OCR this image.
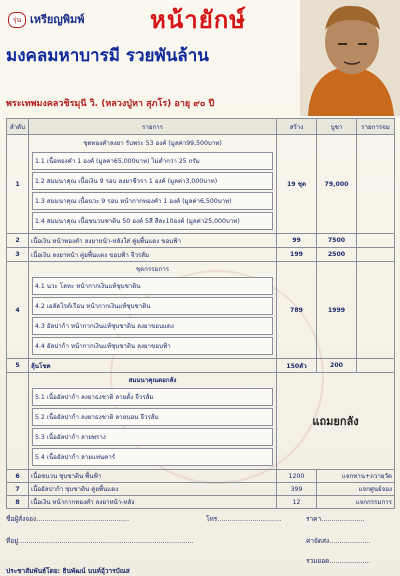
รุ่น เหรียญพิมพ์	หน้ายักษ์
มงคลมหาบารมี รวยพันล้าน
พระเทพมงคลวชิรมุนี วิ. (หลวงปู่หา สุภโร) อายุ ๙๐ ปี
ลำดับ	รายการ	สร้าง	บูชา	รายการจม
1	ชุดทองคำลงยา รับพระ 53 องค์ (มูลค่า99,500บาท)
1.1 เนื้อทองคำ 1 องค์ (มูลค่า65,000บาท) ไม่ต่ำกว่า 25 กรัม
1.2 สมมนาคุณ เนื้อเงิน 9 รอบ ลงยาชีวรา 1 องค์ (มูลค่า3,000บาท)
1.3 สมมนาคุณ เนื้อนวะ 9 รอบ หน้ากากทองคำ 1 องค์ (มูลค่า6,500บาท)
1.4 สมมนาคุณ เนื้อชนวนชาติน 50 องค์ 5สี สีละ10องค์ (มูลค่า25,000บาท)	19 ชุด	79,000	
2	เนื้อเงิน หน้าทองคำ ลงยาหน้า-หลังใส่ คู่ยพื้นแดง ขอบฟ้า	99	7500	
3	เนื้อเงิน ลงยาหน้า คู่ยพื้นแดง ขอบฟ้า จีวรส้ม	199	2500	
4	ชุดกรรมการ
4.1 นวะ โลหะ หน้ากากเงินแท้ชุบชาติน
4.2 เอลัดไรต์เรือน หน้ากากเงินแท้ชุบชาติน
4.3 อัลปาก้า หน้ากากเงินแท้ชุบชาติน ลงยาขอบแดง
4.4 อัลปาก้า หน้ากากเงินแท้ชุบชาติน ลงยาขอบฟ้า	789	1999	
5	ลุ้นโชค	150ตัว	200	

	สมมนาคุณตอกลัง
5.1 เนื้ออัลปาก้า ลงยาธงชาติ ลายตั้ง จีวรส้ม
5.2 เนื้ออัลปาก้า ลงยาธงชาติ ลายนอน จีวรส้ม
5.3 เนื้ออัลปาก้า ลายพราง
5.4 เนื้ออัลปาก้า ลายแท่นคาร์	แถมยกลัง		
6	เนื้อชนวน ชุบชาติน พื้นฟ้า	1200	แจกทาน+ถวายวัด	
7	เนื้ออัลปาก้า ชุบชาติน คู่ยพื้นแดง	399	แจกศูนย์จอง	
8	เนื้อเงิน หน้ากากทองคำ ลงยาหน้า-หลัง	12	แจกกรรมการ	
ชื่อผู้สั่งจอง.............................................	โทร...............................	ราคา.....................
ที่อยู่.....................................................................................	ค่าจัดส่ง....................
รวมยอด....................
ประชาสัมพันธ์โดย: ธินพัฒน์ นนท์อุ้วารบัณส
